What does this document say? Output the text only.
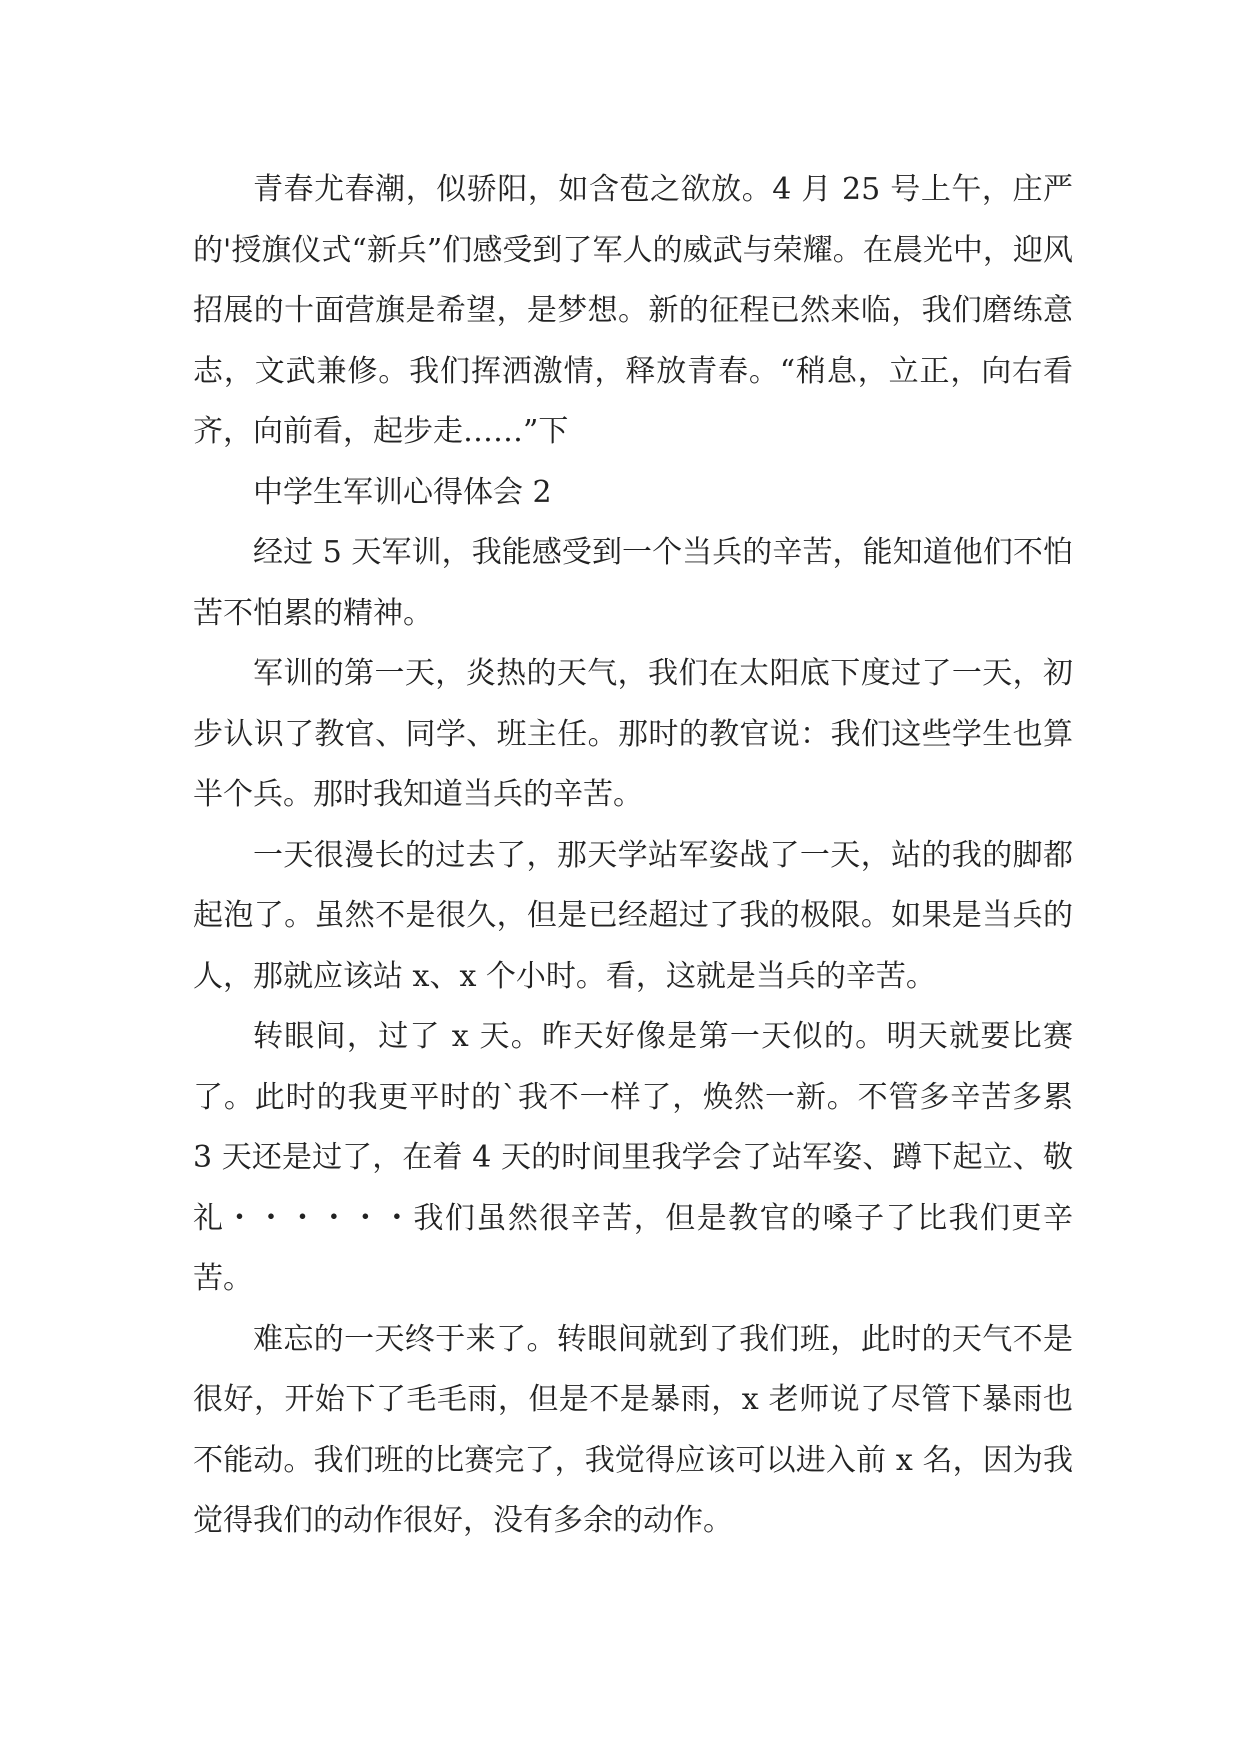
青春尤春潮，似骄阳，如含苞之欲放。4 月 25 号上午，庄严的'授旗仪式“新兵”们感受到了军人的威武与荣耀。在晨光中，迎风招展的十面营旗是希望，是梦想。新的征程已然来临，我们磨练意志，文武兼修。我们挥洒激情，释放青春。“稍息，立正，向右看齐，向前看，起步走……”下

中学生军训心得体会 2

经过 5 天军训，我能感受到一个当兵的辛苦，能知道他们不怕苦不怕累的精神。

军训的第一天，炎热的天气，我们在太阳底下度过了一天，初步认识了教官、同学、班主任。那时的教官说：我们这些学生也算半个兵。那时我知道当兵的辛苦。

一天很漫长的过去了，那天学站军姿战了一天，站的我的脚都起泡了。虽然不是很久，但是已经超过了我的极限。如果是当兵的人，那就应该站 x、x 个小时。看，这就是当兵的辛苦。

转眼间，过了 x 天。昨天好像是第一天似的。明天就要比赛了。此时的我更平时的`我不一样了，焕然一新。不管多辛苦多累 3 天还是过了，在着 4 天的时间里我学会了站军姿、蹲下起立、敬礼・・・・・・我们虽然很辛苦，但是教官的嗓子了比我们更辛苦。

难忘的一天终于来了。转眼间就到了我们班，此时的天气不是很好，开始下了毛毛雨，但是不是暴雨，x 老师说了尽管下暴雨也不能动。我们班的比赛完了，我觉得应该可以进入前 x 名，因为我觉得我们的动作很好，没有多余的动作。
